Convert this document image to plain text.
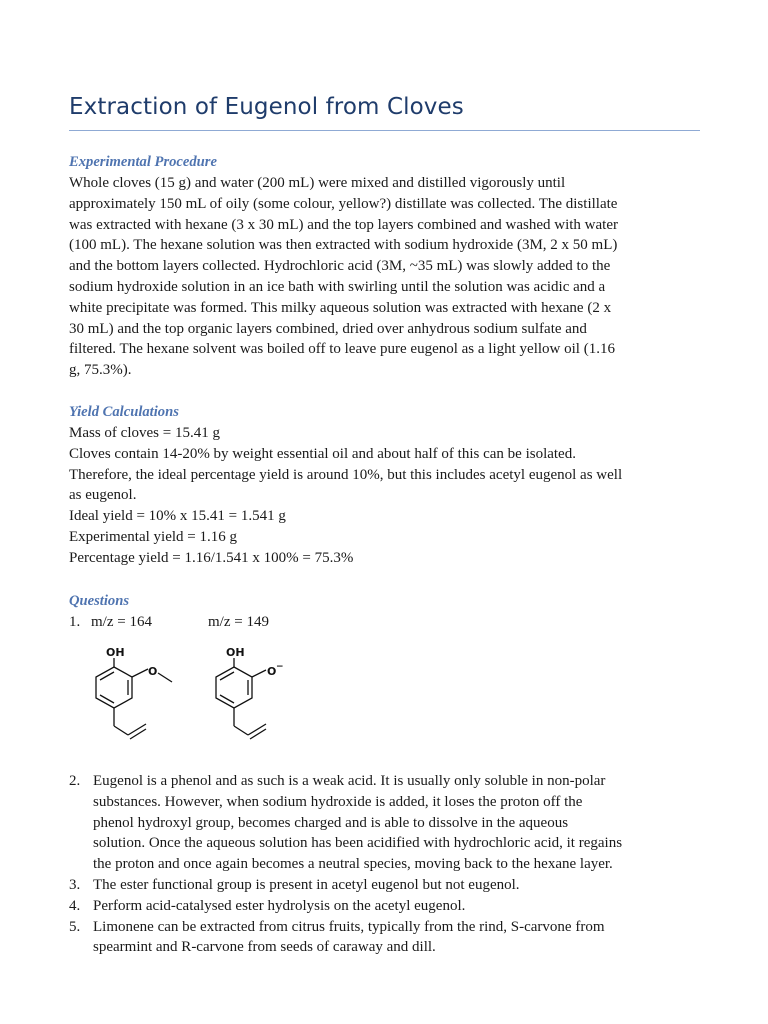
Extraction of Eugenol from Cloves
Experimental Procedure
Whole cloves (15 g) and water (200 mL) were mixed and distilled vigorously until
approximately 150 mL of oily (some colour, yellow?) distillate was collected. The distillate
was extracted with hexane (3 x 30 mL) and the top layers combined and washed with water
(100 mL). The hexane solution was then extracted with sodium hydroxide (3M, 2 x 50 mL)
and the bottom layers collected. Hydrochloric acid (3M, ~35 mL) was slowly added to the
sodium hydroxide solution in an ice bath with swirling until the solution was acidic and a
white precipitate was formed. This milky aqueous solution was extracted with hexane (2 x
30 mL) and the top organic layers combined, dried over anhydrous sodium sulfate and
filtered. The hexane solvent was boiled off to leave pure eugenol as a light yellow oil (1.16
g, 75.3%).
Yield Calculations
Mass of cloves = 15.41 g
Cloves contain 14-20% by weight essential oil and about half of this can be isolated.
Therefore, the ideal percentage yield is around 10%, but this includes acetyl eugenol as well
as eugenol.
Ideal yield = 10% x 15.41 = 1.541 g
Experimental yield = 1.16 g
Percentage yield = 1.16/1.541 x 100% = 75.3%
Questions
1. m/z = 164	m/z = 149
OH
O
OH
O −
2. Eugenol is a phenol and as such is a weak acid. It is usually only soluble in non-polar
substances. However, when sodium hydroxide is added, it loses the proton off the
phenol hydroxyl group, becomes charged and is able to dissolve in the aqueous
solution. Once the aqueous solution has been acidified with hydrochloric acid, it regains
the proton and once again becomes a neutral species, moving back to the hexane layer.
3. The ester functional group is present in acetyl eugenol but not eugenol.
4. Perform acid-catalysed ester hydrolysis on the acetyl eugenol.
5. Limonene can be extracted from citrus fruits, typically from the rind, S-carvone from
spearmint and R-carvone from seeds of caraway and dill.
